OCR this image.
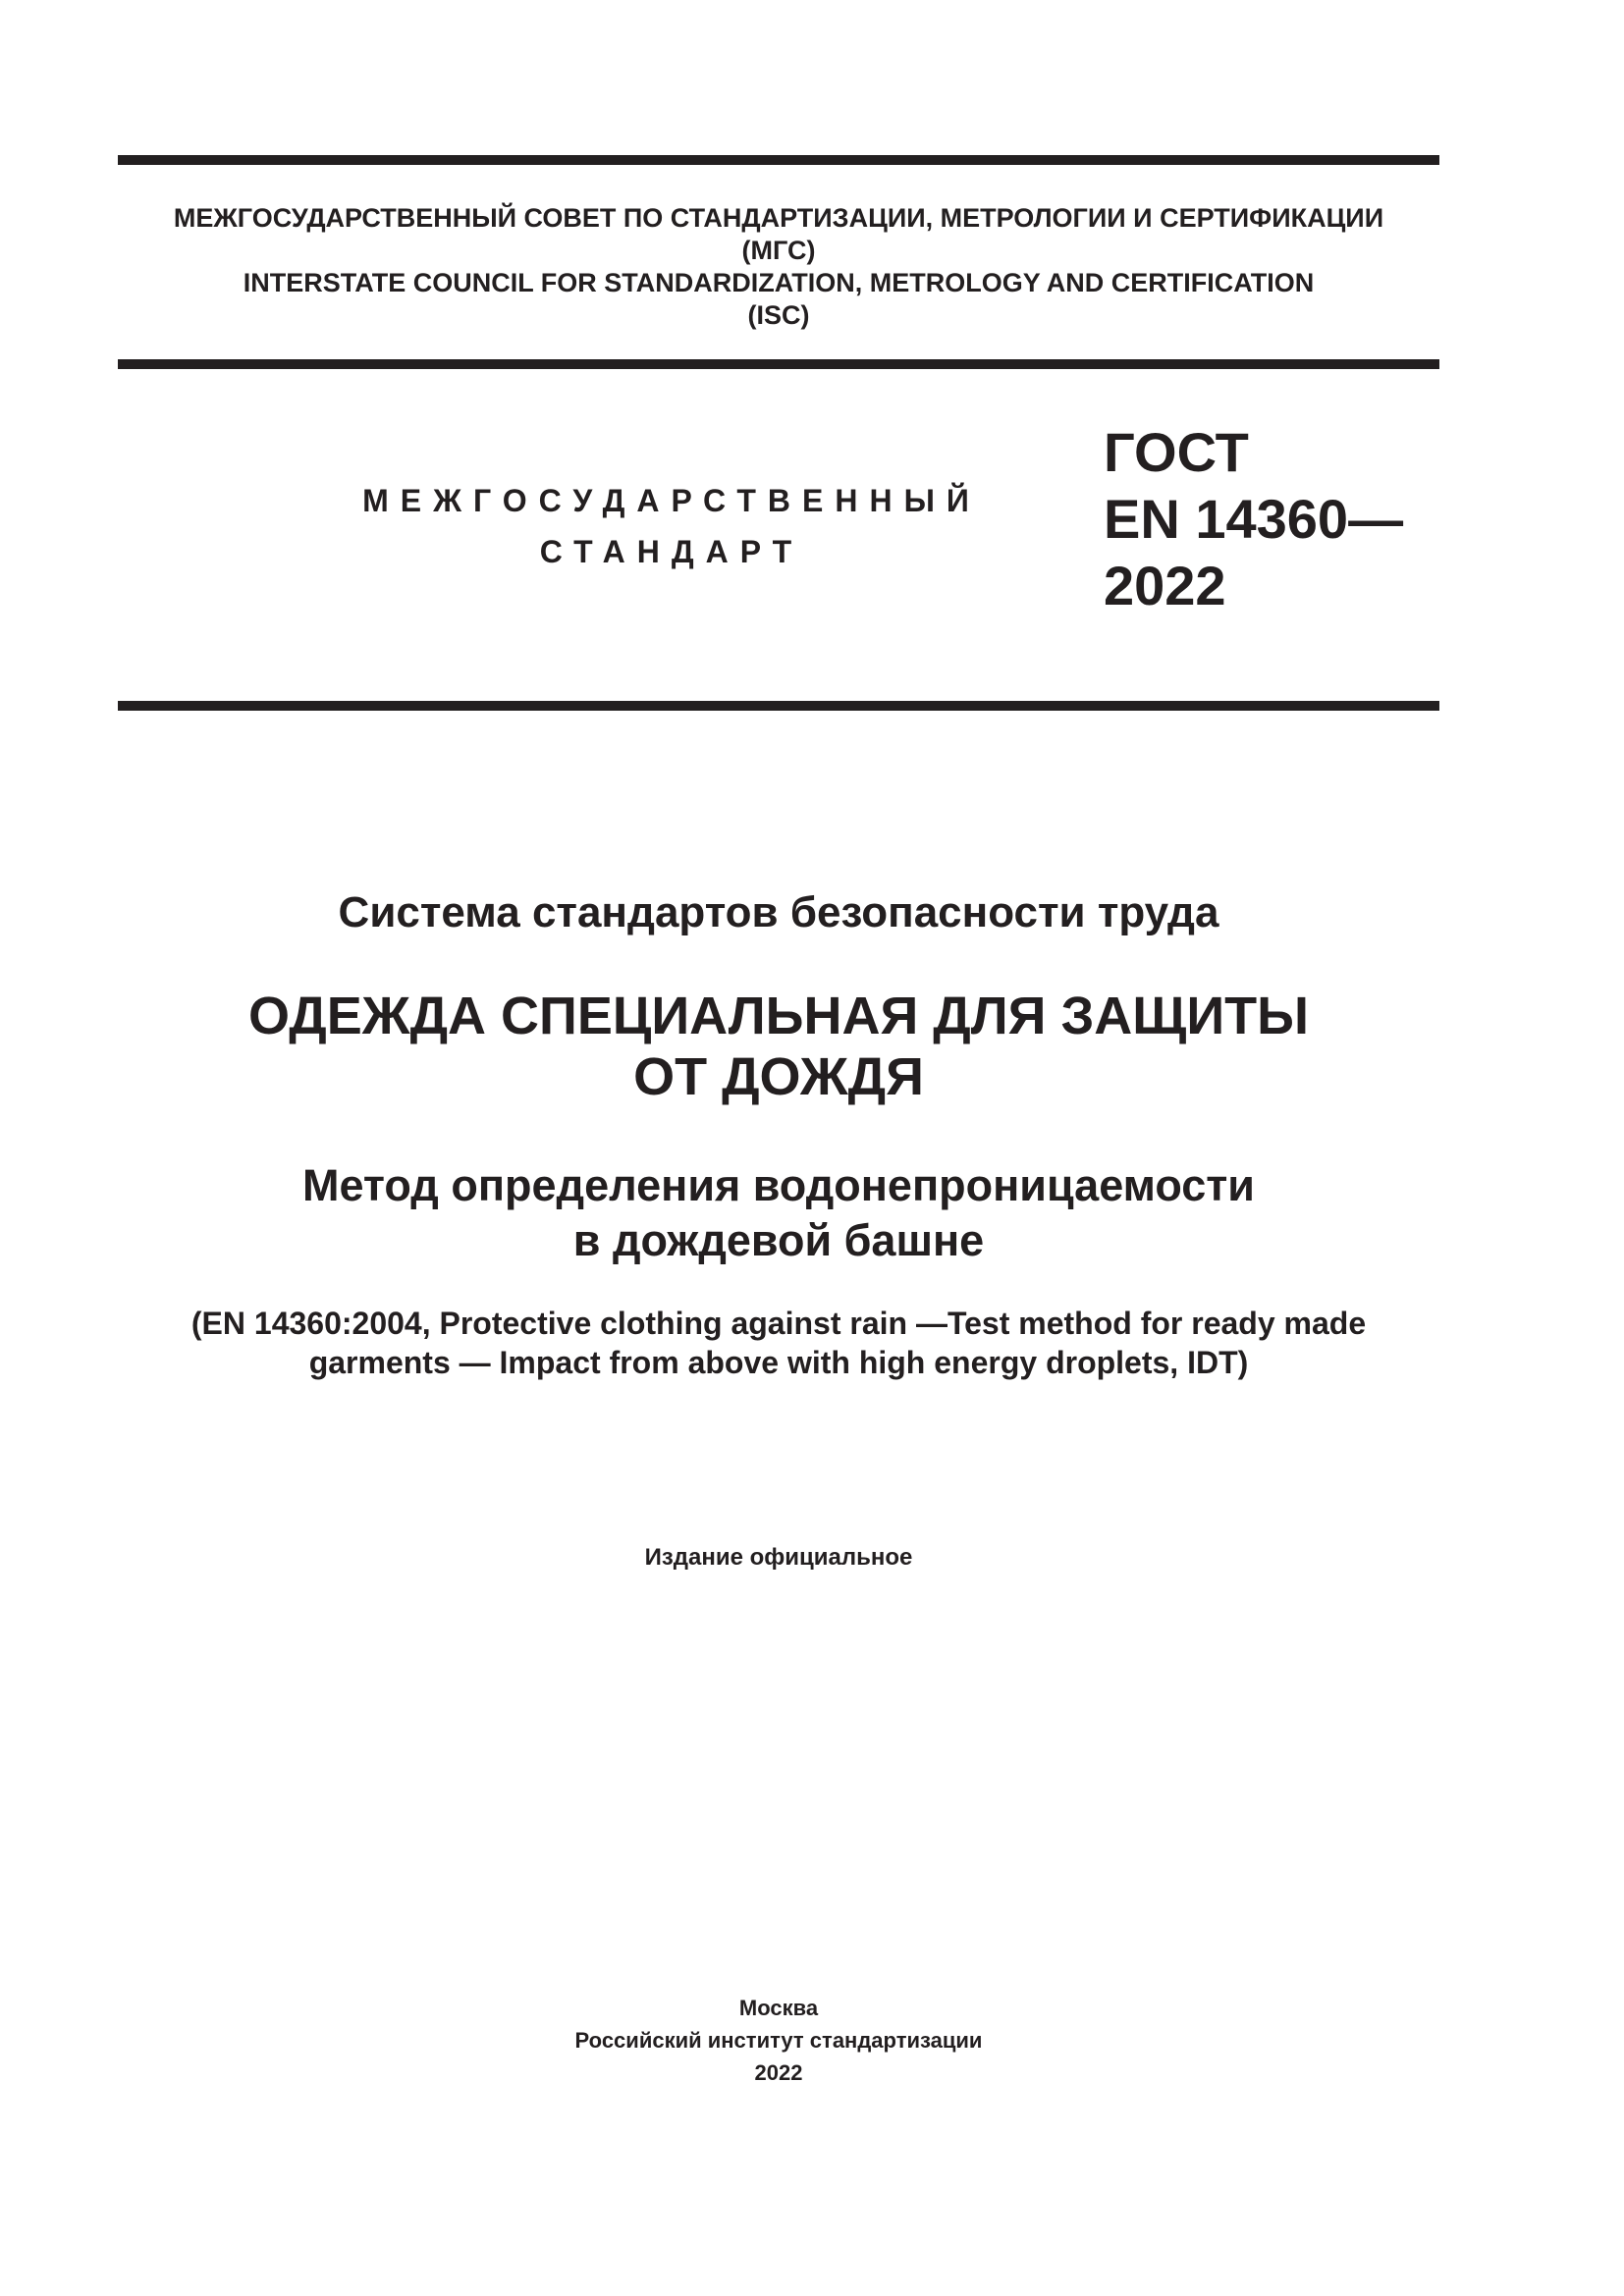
МЕЖГОСУДАРСТВЕННЫЙ СОВЕТ ПО СТАНДАРТИЗАЦИИ, МЕТРОЛОГИИ И СЕРТИФИКАЦИИ
(МГС)
INTERSTATE COUNCIL FOR STANDARDIZATION, METROLOGY AND CERTIFICATION
(ISC)
МЕЖГОСУДАРСТВЕННЫЙ
СТАНДАРТ
ГОСТ
EN 14360—
2022
Система стандартов безопасности труда
ОДЕЖДА СПЕЦИАЛЬНАЯ ДЛЯ ЗАЩИТЫ
ОТ ДОЖДЯ
Метод определения водонепроницаемости
в дождевой башне
(EN 14360:2004, Protective clothing against rain —Test method for ready made
garments — Impact from above with high energy droplets, IDT)
Издание официальное
Москва
Российский институт стандартизации
2022
